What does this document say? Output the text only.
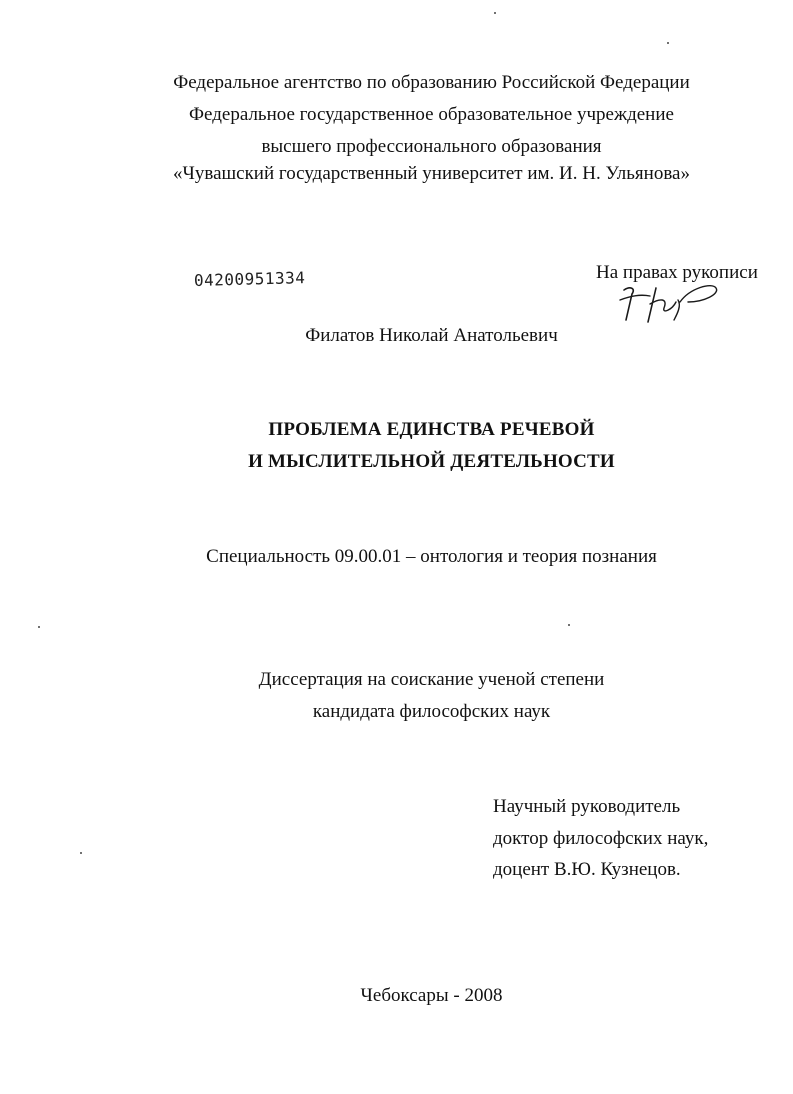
Федеральное агентство по образованию Российской Федерации
Федеральное государственное образовательное учреждение
высшего профессионального образования
«Чувашский государственный университет им. И. Н. Ульянова»
04200951334	На правах рукописи
Филатов Николай Анатольевич
ПРОБЛЕМА ЕДИНСТВА РЕЧЕВОЙ
И МЫСЛИТЕЛЬНОЙ ДЕЯТЕЛЬНОСТИ
Специальность 09.00.01 – онтология и теория познания
Диссертация на соискание ученой степени
кандидата философских наук
Научный руководитель
доктор философских наук,
доцент В.Ю. Кузнецов.
Чебоксары - 2008
